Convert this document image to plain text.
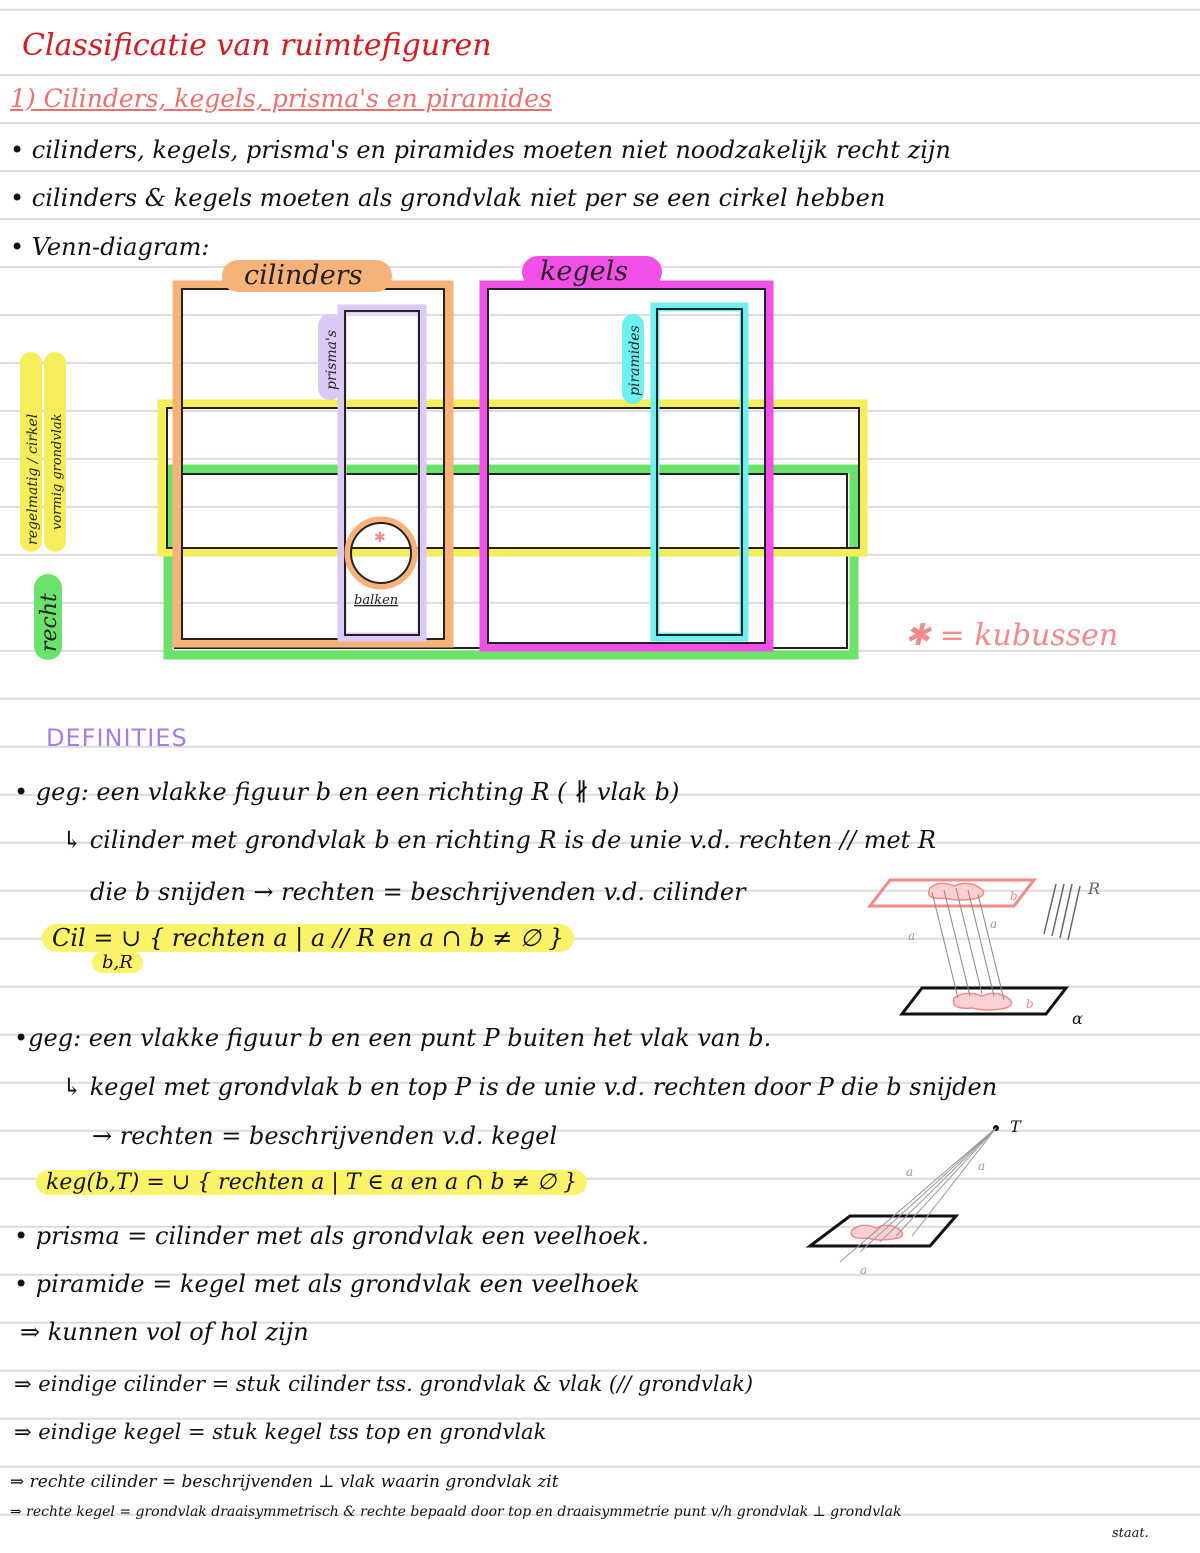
Classificatie van ruimtefiguren
1) Cilinders, kegels, prisma's en piramides
• cilinders, kegels, prisma's en piramides moeten niet noodzakelijk recht zijn
• cilinders & kegels moeten als grondvlak niet per se een cirkel hebben
• Venn-diagram:
✱
cilinders	kegels
prisma's	piramides
regelmatig / cirkel vormig grondvlak
recht	balken
✱ = kubussen
DEFINITIES
• geg: een vlakke figuur b en een richting R ( ∦ vlak b)
↳ cilinder met grondvlak b en richting R is de unie v.d. rechten // met R
die b snijden → rechten = beschrijvenden v.d. cilinder
Cil = ∪ { rechten a | a // R en a ∩ b ≠ ∅ }
b,R
b
b
R
α
a
a
•geg: een vlakke figuur b en een punt P buiten het vlak van b.
↳ kegel met grondvlak b en top P is de unie v.d. rechten door P die b snijden
→ rechten = beschrijvenden v.d. kegel
keg(b,T) = ∪ { rechten a | T ∈ a en a ∩ b ≠ ∅ }
T
a	a
a
• prisma = cilinder met als grondvlak een veelhoek.
• piramide = kegel met als grondvlak een veelhoek
⇒ kunnen vol of hol zijn
⇒ eindige cilinder = stuk cilinder tss. grondvlak & vlak (// grondvlak)
⇒ eindige kegel = stuk kegel tss top en grondvlak
⇒ rechte cilinder = beschrijvenden ⊥ vlak waarin grondvlak zit
⇒ rechte kegel = grondvlak draaisymmetrisch & rechte bepaald door top en draaisymmetrie punt v/h grondvlak ⊥ grondvlak
staat.
